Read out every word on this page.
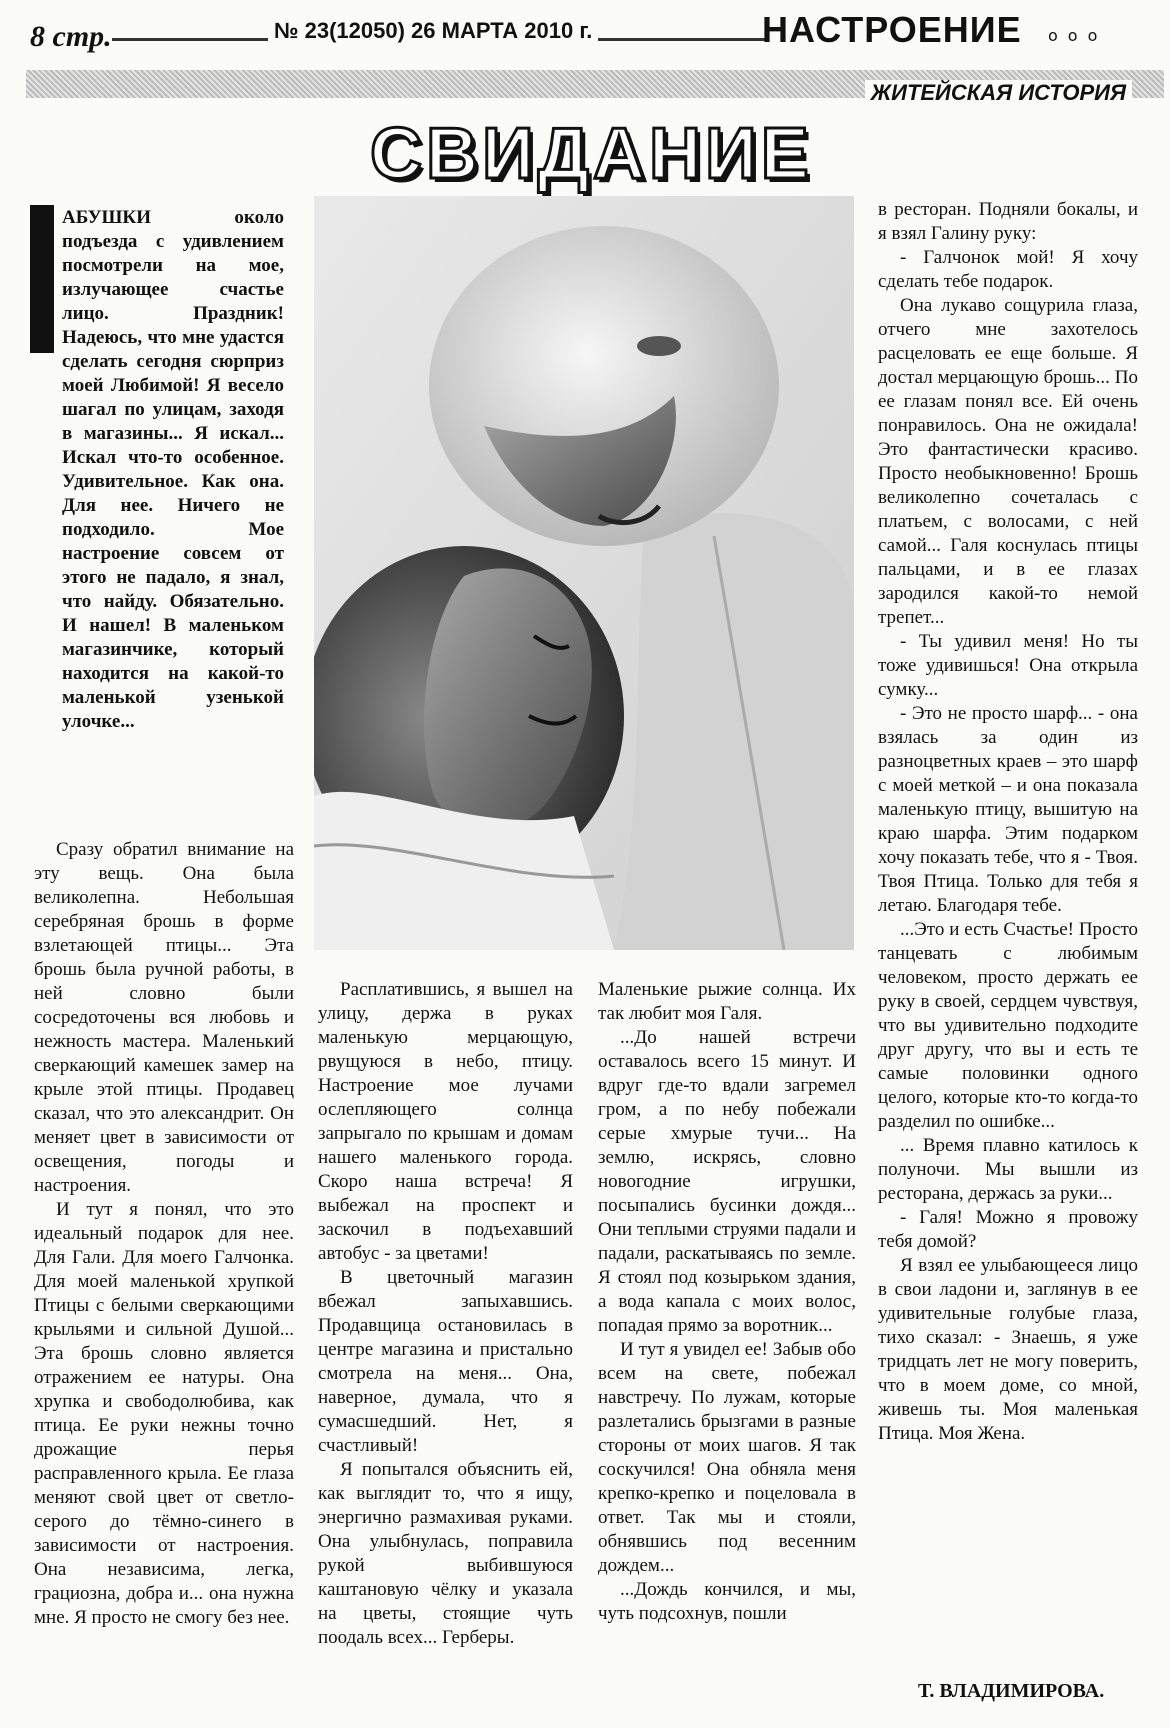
8 стр.	№ 23(12050) 26 МАРТА 2010 г.	НАСТРОЕНИЕ ooo
ЖИТЕЙСКАЯ ИСТОРИЯ
СВИДАНИЕ

АБУШКИ около подъезда с удивлением посмотрели на мое, излучающее счастье лицо. Праздник! Надеюсь, что мне удастся сделать сегодня сюрприз моей Любимой! Я весело шагал по улицам, заходя в магазины... Я искал... Искал что-то особенное. Удивительное. Как она. Для нее. Ничего не подходило. Мое настроение совсем от этого не падало, я знал, что найду. Обязательно. И нашел! В маленьком магазинчике, который находится на какой-то маленькой узенькой улочке...

Сразу обратил внимание на эту вещь. Она была великолепна. Небольшая серебряная брошь в форме взлетающей птицы... Эта брошь была ручной работы, в ней словно были сосредоточены вся любовь и нежность мастера. Маленький сверкающий камешек замер на крыле этой птицы. Продавец сказал, что это александрит. Он меняет цвет в зависимости от освещения, погоды и настроения.

И тут я понял, что это идеальный подарок для нее. Для Гали. Для моего Галчонка. Для моей маленькой хрупкой Птицы с белыми сверкающими крыльями и сильной Душой... Эта брошь словно является отражением ее натуры. Она хрупка и свободолюбива, как птица. Ее руки нежны точно дрожащие перья расправленного крыла. Ее глаза меняют свой цвет от светло-серого до тёмно-синего в зависимости от настроения. Она независима, легка, грациозна, добра и... она нужна мне. Я просто не смогу без нее.

Расплатившись, я вышел на улицу, держа в руках маленькую мерцающую, рвущуюся в небо, птицу. Настроение мое лучами ослепляющего солнца запрыгало по крышам и домам нашего маленького города. Скоро наша встреча! Я выбежал на проспект и заскочил в подъехавший автобус - за цветами!

В цветочный магазин вбежал запыхавшись. Продавщица остановилась в центре магазина и пристально смотрела на меня... Она, наверное, думала, что я сумасшедший. Нет, я счастливый!

Я попытался объяснить ей, как выглядит то, что я ищу, энергично размахивая руками. Она улыбнулась, поправила рукой выбившуюся каштановую чёлку и указала на цветы, стоящие чуть поодаль всех... Герберы.

Маленькие рыжие солнца. Их так любит моя Галя.

...До нашей встречи оставалось всего 15 минут. И вдруг где-то вдали загремел гром, а по небу побежали серые хмурые тучи... На землю, искрясь, словно новогодние игрушки, посыпались бусинки дождя... Они теплыми струями падали и падали, раскатываясь по земле. Я стоял под козырьком здания, а вода капала с моих волос, попадая прямо за воротник...

И тут я увидел ее! Забыв обо всем на свете, побежал навстречу. По лужам, которые разлетались брызгами в разные стороны от моих шагов. Я так соскучился! Она обняла меня крепко-крепко и поцеловала в ответ. Так мы и стояли, обнявшись под весенним дождем...

...Дождь кончился, и мы, чуть подсохнув, пошли

в ресторан. Подняли бокалы, и я взял Галину руку:

- Галчонок мой! Я хочу сделать тебе подарок.

Она лукаво сощурила глаза, отчего мне захотелось расцеловать ее еще больше. Я достал мерцающую брошь... По ее глазам понял все. Ей очень понравилось. Она не ожидала! Это фантастически красиво. Просто необыкновенно! Брошь великолепно сочеталась с платьем, с волосами, с ней самой... Галя коснулась птицы пальцами, и в ее глазах зародился какой-то немой трепет...

- Ты удивил меня! Но ты тоже удивишься! Она открыла сумку...

- Это не просто шарф... - она взялась за один из разноцветных краев – это шарф с моей меткой – и она показала маленькую птицу, вышитую на краю шарфа. Этим подарком хочу показать тебе, что я - Твоя. Твоя Птица. Только для тебя я летаю. Благодаря тебе.

...Это и есть Счастье! Просто танцевать с любимым человеком, просто держать ее руку в своей, сердцем чувствуя, что вы удивительно подходите друг другу, что вы и есть те самые половинки одного целого, которые кто-то когда-то разделил по ошибке...

... Время плавно катилось к полуночи. Мы вышли из ресторана, держась за руки...

- Галя! Можно я провожу тебя домой?

Я взял ее улыбающееся лицо в свои ладони и, заглянув в ее удивительные голубые глаза, тихо сказал: - Знаешь, я уже тридцать лет не могу поверить, что в моем доме, со мной, живешь ты. Моя маленькая Птица. Моя Жена.

Т. ВЛАДИМИРОВА.
